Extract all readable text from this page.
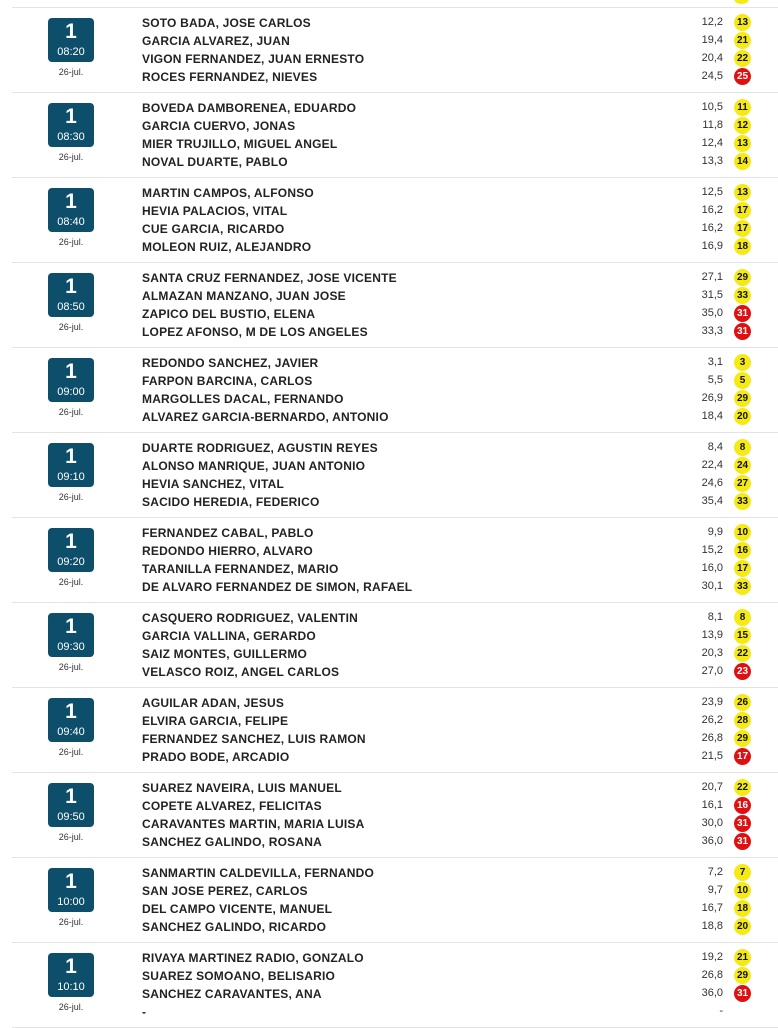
1
08:20
26-jul.
SOTO BADA, JOSE CARLOS	12,2 13
GARCIA ALVAREZ, JUAN	19,4 21
VIGON FERNANDEZ, JUAN ERNESTO	20,4 22
ROCES FERNANDEZ, NIEVES	24,5 25
1
08:30
26-jul.
BOVEDA DAMBORENEA, EDUARDO	10,5	11
GARCIA CUERVO, JONAS	11,8 12
MIER TRUJILLO, MIGUEL ANGEL	12,4 13
NOVAL DUARTE, PABLO	13,3 14
1
08:40
26-jul.
MARTIN CAMPOS, ALFONSO	12,5 13
HEVIA PALACIOS, VITAL	16,2 17
CUE GARCIA, RICARDO	16,2 17
MOLEON RUIZ, ALEJANDRO	16,9 18
1
08:50
26-jul.
SANTA CRUZ FERNANDEZ, JOSE VICENTE	27,1 29
ALMAZAN MANZANO, JUAN JOSE	31,5 33
ZAPICO DEL BUSTIO, ELENA	35,0 31
LOPEZ AFONSO, M DE LOS ANGELES	33,3 31
1
09:00
26-jul.
REDONDO SANCHEZ, JAVIER	3,1	3
FARPON BARCINA, CARLOS	5,5	5
MARGOLLES DACAL, FERNANDO	26,9 29
ALVAREZ GARCIA-BERNARDO, ANTONIO	18,4 20
1
09:10
26-jul.
DUARTE RODRIGUEZ, AGUSTIN REYES	8,4	8
ALONSO MANRIQUE, JUAN ANTONIO	22,4 24
HEVIA SANCHEZ, VITAL	24,6 27
SACIDO HEREDIA, FEDERICO	35,4 33
1
09:20
26-jul.
FERNANDEZ CABAL, PABLO	9,9 10
REDONDO HIERRO, ALVARO	15,2 16
TARANILLA FERNANDEZ, MARIO	16,0 17
DE ALVARO FERNANDEZ DE SIMON, RAFAEL	30,1 33
1
09:30
26-jul.
CASQUERO RODRIGUEZ, VALENTIN	8,1	8
GARCIA VALLINA, GERARDO	13,9 15
SAIZ MONTES, GUILLERMO	20,3 22
VELASCO ROIZ, ANGEL CARLOS	27,0 23
1
09:40
26-jul.
AGUILAR ADAN, JESUS	23,9 26
ELVIRA GARCIA, FELIPE	26,2 28
FERNANDEZ SANCHEZ, LUIS RAMON	26,8 29
PRADO BODE, ARCADIO	21,5 17
1
09:50
26-jul.
SUAREZ NAVEIRA, LUIS MANUEL	20,7 22
COPETE ALVAREZ, FELICITAS	16,1 16
CARAVANTES MARTIN, MARIA LUISA	30,0 31
SANCHEZ GALINDO, ROSANA	36,0 31
1
10:00
26-jul.
SANMARTIN CALDEVILLA, FERNANDO	7,2	7
SAN JOSE PEREZ, CARLOS	9,7 10
DEL CAMPO VICENTE, MANUEL	16,7 18
SANCHEZ GALINDO, RICARDO	18,8 20
1
10:10
26-jul.
RIVAYA MARTINEZ RADIO, GONZALO	19,2 21
SUAREZ SOMOANO, BELISARIO	26,8 29
SANCHEZ CARAVANTES, ANA	36,0 31
-	-
